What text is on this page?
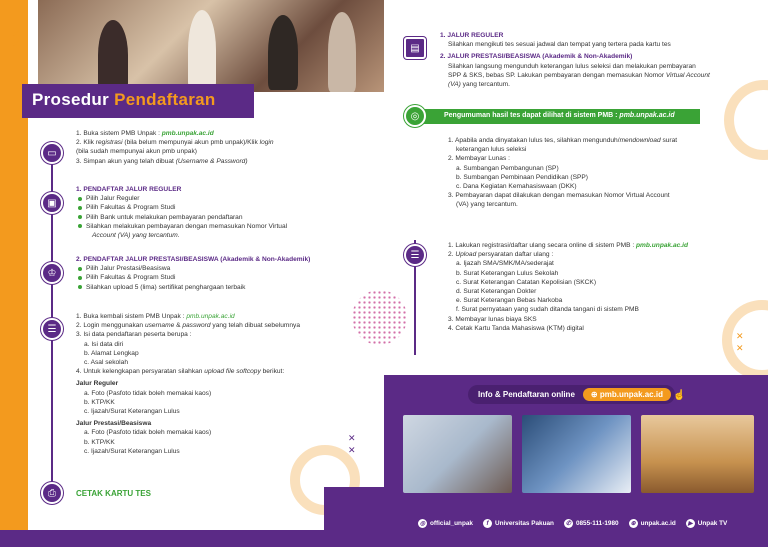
✕
✕
Prosedur Pendaftaran
▭
1. Buka sistem PMB Unpak : pmb.unpak.ac.id
2. Klik registrasi (bila belum mempunyai akun pmb unpak)/Klik login
(bila sudah mempunyai akun pmb unpak)
3. Simpan akun yang telah dibuat (Username & Password)
▣
1. PENDAFTAR JALUR REGULER
Pilih Jalur Reguler
Pilih Fakultas & Program Studi
Pilih Bank untuk melakukan pembayaran pendaftaran
Silahkan melakukan pembayaran dengan memasukan Nomor Virtual
Account (VA) yang tercantum.
♔
2. PENDAFTAR JALUR PRESTASI/BEASISWA (Akademik & Non-Akademik)
Pilih Jalur Prestasi/Beasiswa
Pilih Fakultas & Program Studi
Silahkan upload 5 (lima) sertifikat penghargaan terbaik
☰
1. Buka kembali sistem PMB Unpak : pmb.unpak.ac.id
2. Login menggunakan username & password yang telah dibuat sebelumnya
3. Isi data pendaftaran peserta berupa :
a. Isi data diri
b. Alamat Lengkap
c. Asal sekolah
4. Untuk kelengkapan persyaratan silahkan upload file softcopy berikut:
Jalur Reguler
a. Foto (Pasfoto tidak boleh memakai kaos)
b. KTP/KK
c. Ijazah/Surat Keterangan Lulus
Jalur Prestasi/Beasiswa
a. Foto (Pasfoto tidak boleh memakai kaos)
b. KTP/KK
c. Ijazah/Surat Keterangan Lulus
⎙	CETAK KARTU TES
✕
✕
▤
1. JALUR REGULER
Silahkan mengikuti tes sesuai jadwal dan tempat yang tertera pada kartu tes
2. JALUR PRESTASI/BEASISWA (Akademik & Non-Akademik)
Silahkan langsung mengunduh keterangan lulus seleksi dan melakukan pembayaran
SPP & SKS, bebas SP. Lakukan pembayaran dengan memasukan Nomor Virtual Account
(VA) yang tercantum.
Pengumuman hasil tes dapat dilihat di sistem PMB : pmb.unpak.ac.id
◎
1. Apabila anda dinyatakan lulus tes, silahkan mengunduh/mendownload surat
keterangan lulus seleksi
2. Membayar Lunas :
a. Sumbangan Pembangunan (SP)
b. Sumbangan Pembinaan Pendidikan (SPP)
c. Dana Kegiatan Kemahasiswaan (DKK)
3. Pembayaran dapat dilakukan dengan memasukan Nomor Virtual Account
(VA) yang tercantum.
☰
1. Lakukan registrasi/daftar ulang secara online di sistem PMB : pmb.unpak.ac.id
2. Upload persyaratan daftar ulang :
a. Ijazah SMA/SMK/MA/sederajat
b. Surat Keterangan Lulus Sekolah
c. Surat Keterangan Catatan Kepolisian (SKCK)
d. Surat Keterangan Dokter
e. Surat Keterangan Bebas Narkoba
f. Surat pernyataan yang sudah ditanda tangani di sistem PMB
3. Membayar lunas biaya SKS
4. Cetak Kartu Tanda Mahasiswa (KTM) digital
✕
✕
Info & Pendaftaran online	⊕ pmb.unpak.ac.id	☝
◎ official_unpak	f	Universitas Pakuan	✆ 0855-111-1980	⊕ unpak.ac.id	▶ Unpak TV
